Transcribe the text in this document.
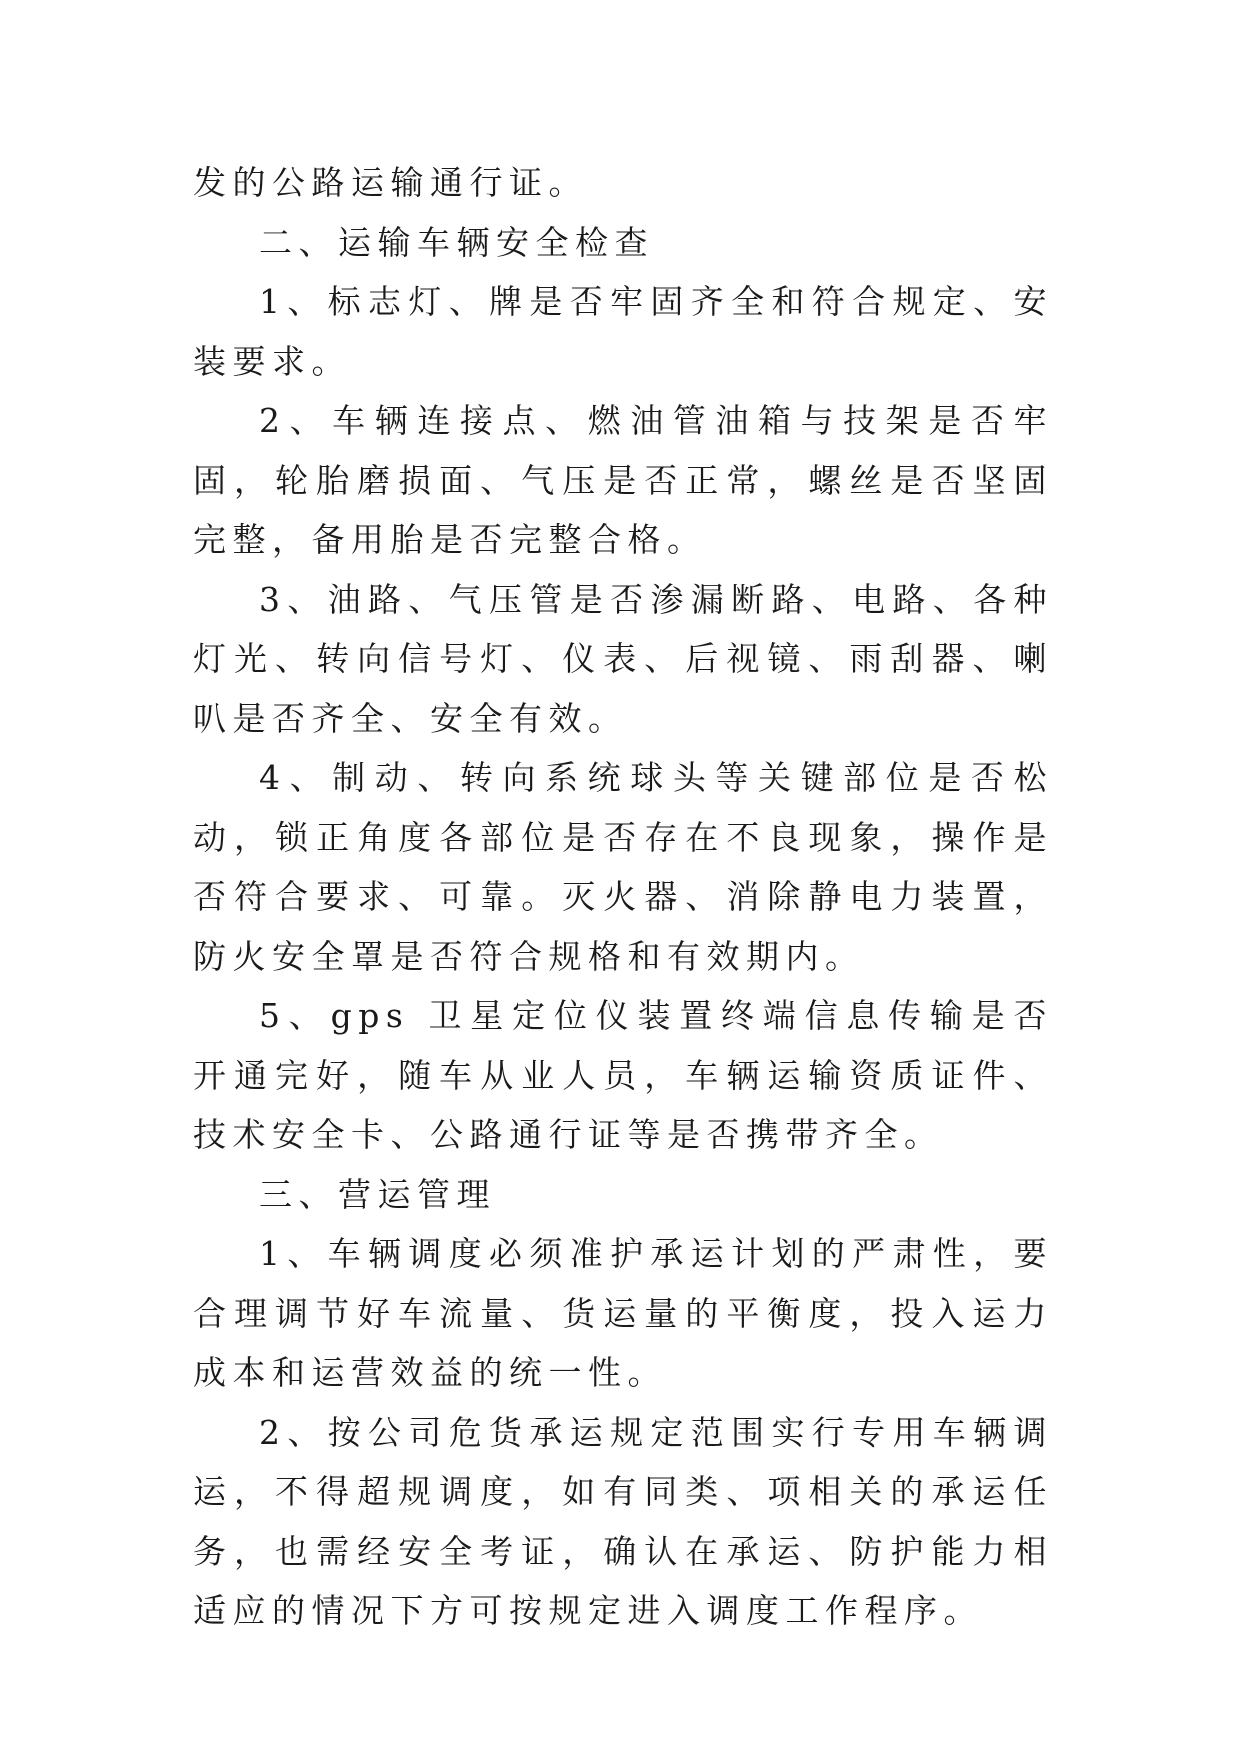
发的公路运输通行证。

二、运输车辆安全检查

1、标志灯、牌是否牢固齐全和符合规定、安装要求。

2、车辆连接点、燃油管油箱与技架是否牢固，轮胎磨损面、气压是否正常，螺丝是否坚固完整，备用胎是否完整合格。

3、油路、气压管是否渗漏断路、电路、各种灯光、转向信号灯、仪表、后视镜、雨刮器、喇叭是否齐全、安全有效。

4、制动、转向系统球头等关键部位是否松动，锁正角度各部位是否存在不良现象，操作是否符合要求、可靠。灭火器、消除静电力装置，防火安全罩是否符合规格和有效期内。

5、gps 卫星定位仪装置终端信息传输是否开通完好，随车从业人员，车辆运输资质证件、技术安全卡、公路通行证等是否携带齐全。

三、营运管理

1、车辆调度必须准护承运计划的严肃性，要合理调节好车流量、货运量的平衡度，投入运力成本和运营效益的统一性。

2、按公司危货承运规定范围实行专用车辆调运，不得超规调度，如有同类、项相关的承运任务，也需经安全考证，确认在承运、防护能力相适应的情况下方可按规定进入调度工作程序。
